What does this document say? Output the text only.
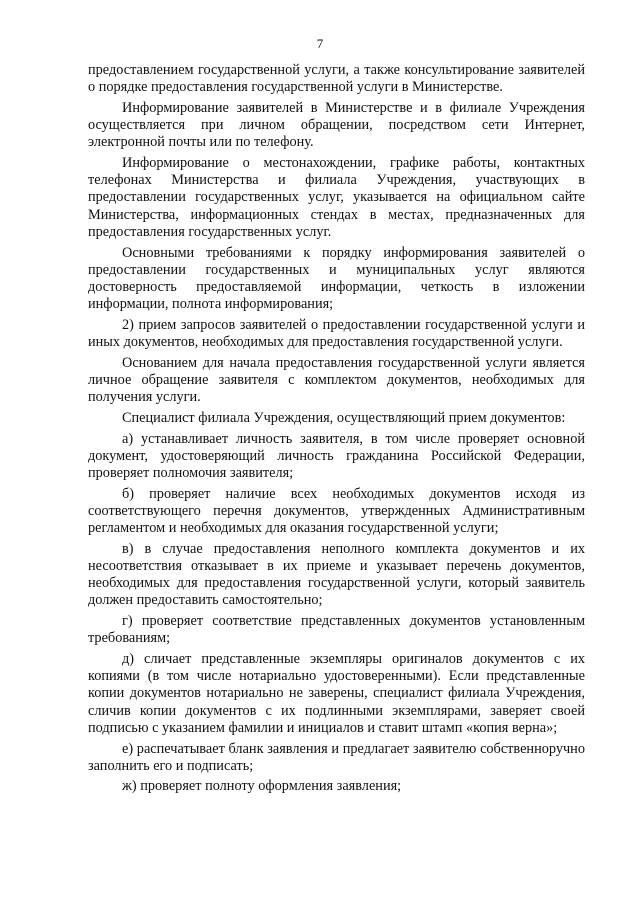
7

предоставлением государственной услуги, а также консультирование заявителей о порядке предоставления государственной услуги в Министерстве.

Информирование заявителей в Министерстве и в филиале Учреждения осуществляется при личном обращении, посредством сети Интернет, электронной почты или по телефону.

Информирование о местонахождении, графике работы, контактных телефонах Министерства и филиала Учреждения, участвующих в предоставлении государственных услуг, указывается на официальном сайте Министерства, информационных стендах в местах, предназначенных для предоставления государственных услуг.

Основными требованиями к порядку информирования заявителей о предоставлении государственных и муниципальных услуг являются достоверность предоставляемой информации, четкость в изложении информации, полнота информирования;

2) прием запросов заявителей о предоставлении государственной услуги и иных документов, необходимых для предоставления государственной услуги.

Основанием для начала предоставления государственной услуги является личное обращение заявителя с комплектом документов, необходимых для получения услуги.

Специалист филиала Учреждения, осуществляющий прием документов:

а) устанавливает личность заявителя, в том числе проверяет основной документ, удостоверяющий личность гражданина Российской Федерации, проверяет полномочия заявителя;

б) проверяет наличие всех необходимых документов исходя из соответствующего перечня документов, утвержденных Административным регламентом и необходимых для оказания государственной услуги;

в) в случае предоставления неполного комплекта документов и их несоответствия отказывает в их приеме и указывает перечень документов, необходимых для предоставления государственной услуги, который заявитель должен предоставить самостоятельно;

г) проверяет соответствие представленных документов установленным требованиям;

д) сличает представленные экземпляры оригиналов документов с их копиями (в том числе нотариально удостоверенными). Если представленные копии документов нотариально не заверены, специалист филиала Учреждения, сличив копии документов с их подлинными экземплярами, заверяет своей подписью с указанием фамилии и инициалов и ставит штамп «копия верна»;

е) распечатывает бланк заявления и предлагает заявителю собственноручно заполнить его и подписать;

ж) проверяет полноту оформления заявления;
